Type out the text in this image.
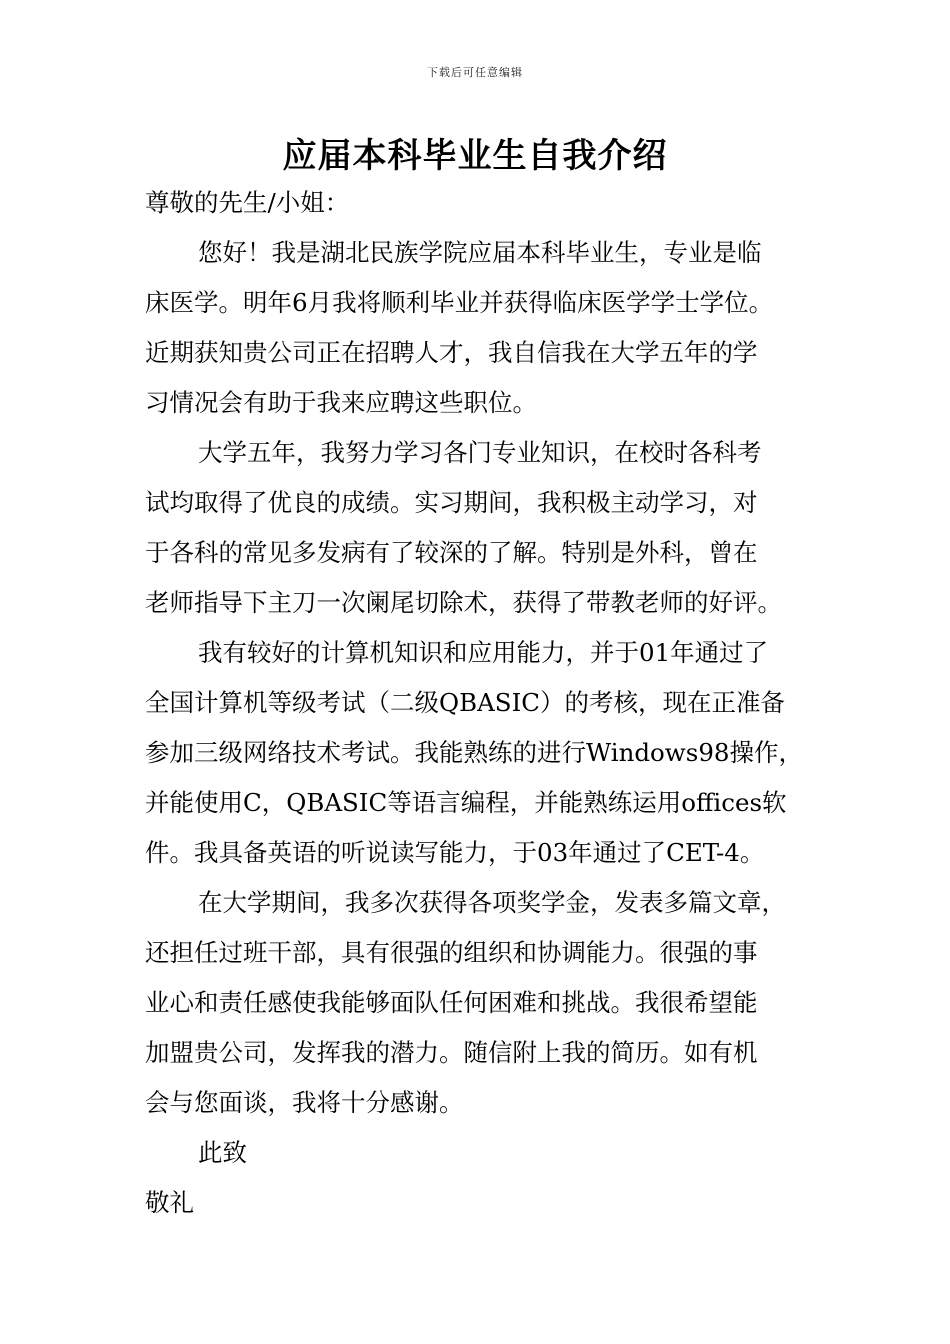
下载后可任意编辑
应届本科毕业生自我介绍
尊敬的先生/小姐：
您好！我是湖北民族学院应届本科毕业生，专业是临
床医学。明年6月我将顺利毕业并获得临床医学学士学位。
近期获知贵公司正在招聘人才，我自信我在大学五年的学
习情况会有助于我来应聘这些职位。
大学五年，我努力学习各门专业知识，在校时各科考
试均取得了优良的成绩。实习期间，我积极主动学习，对
于各科的常见多发病有了较深的了解。特别是外科，曾在
老师指导下主刀一次阑尾切除术，获得了带教老师的好评。
我有较好的计算机知识和应用能力，并于01年通过了
全国计算机等级考试（二级QBASIC）的考核，现在正准备
参加三级网络技术考试。我能熟练的进行Windows98操作，
并能使用C，QBASIC等语言编程，并能熟练运用offices软
件。我具备英语的听说读写能力，于03年通过了CET-4。
在大学期间，我多次获得各项奖学金，发表多篇文章，
还担任过班干部，具有很强的组织和协调能力。很强的事
业心和责任感使我能够面队任何困难和挑战。我很希望能
加盟贵公司，发挥我的潜力。随信附上我的简历。如有机
会与您面谈，我将十分感谢。
此致
敬礼
